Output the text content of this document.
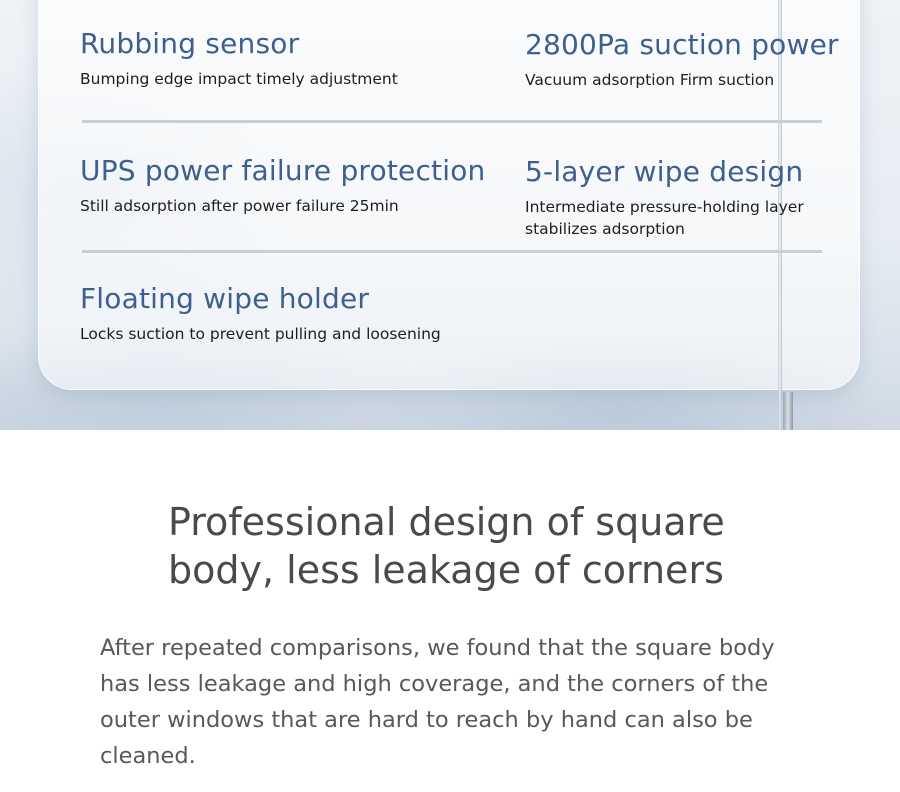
Rubbing sensor
Bumping edge impact timely adjustment
2800Pa suction power
Vacuum adsorption Firm suction
UPS power failure protection
Still adsorption after power failure 25min
5-layer wipe design
Intermediate pressure-holding layer stabilizes adsorption
Floating wipe holder
Locks suction to prevent pulling and loosening
Professional design of square body, less leakage of corners
After repeated comparisons, we found that the square body has less leakage and high coverage, and the corners of the outer windows that are hard to reach by hand can also be cleaned.
